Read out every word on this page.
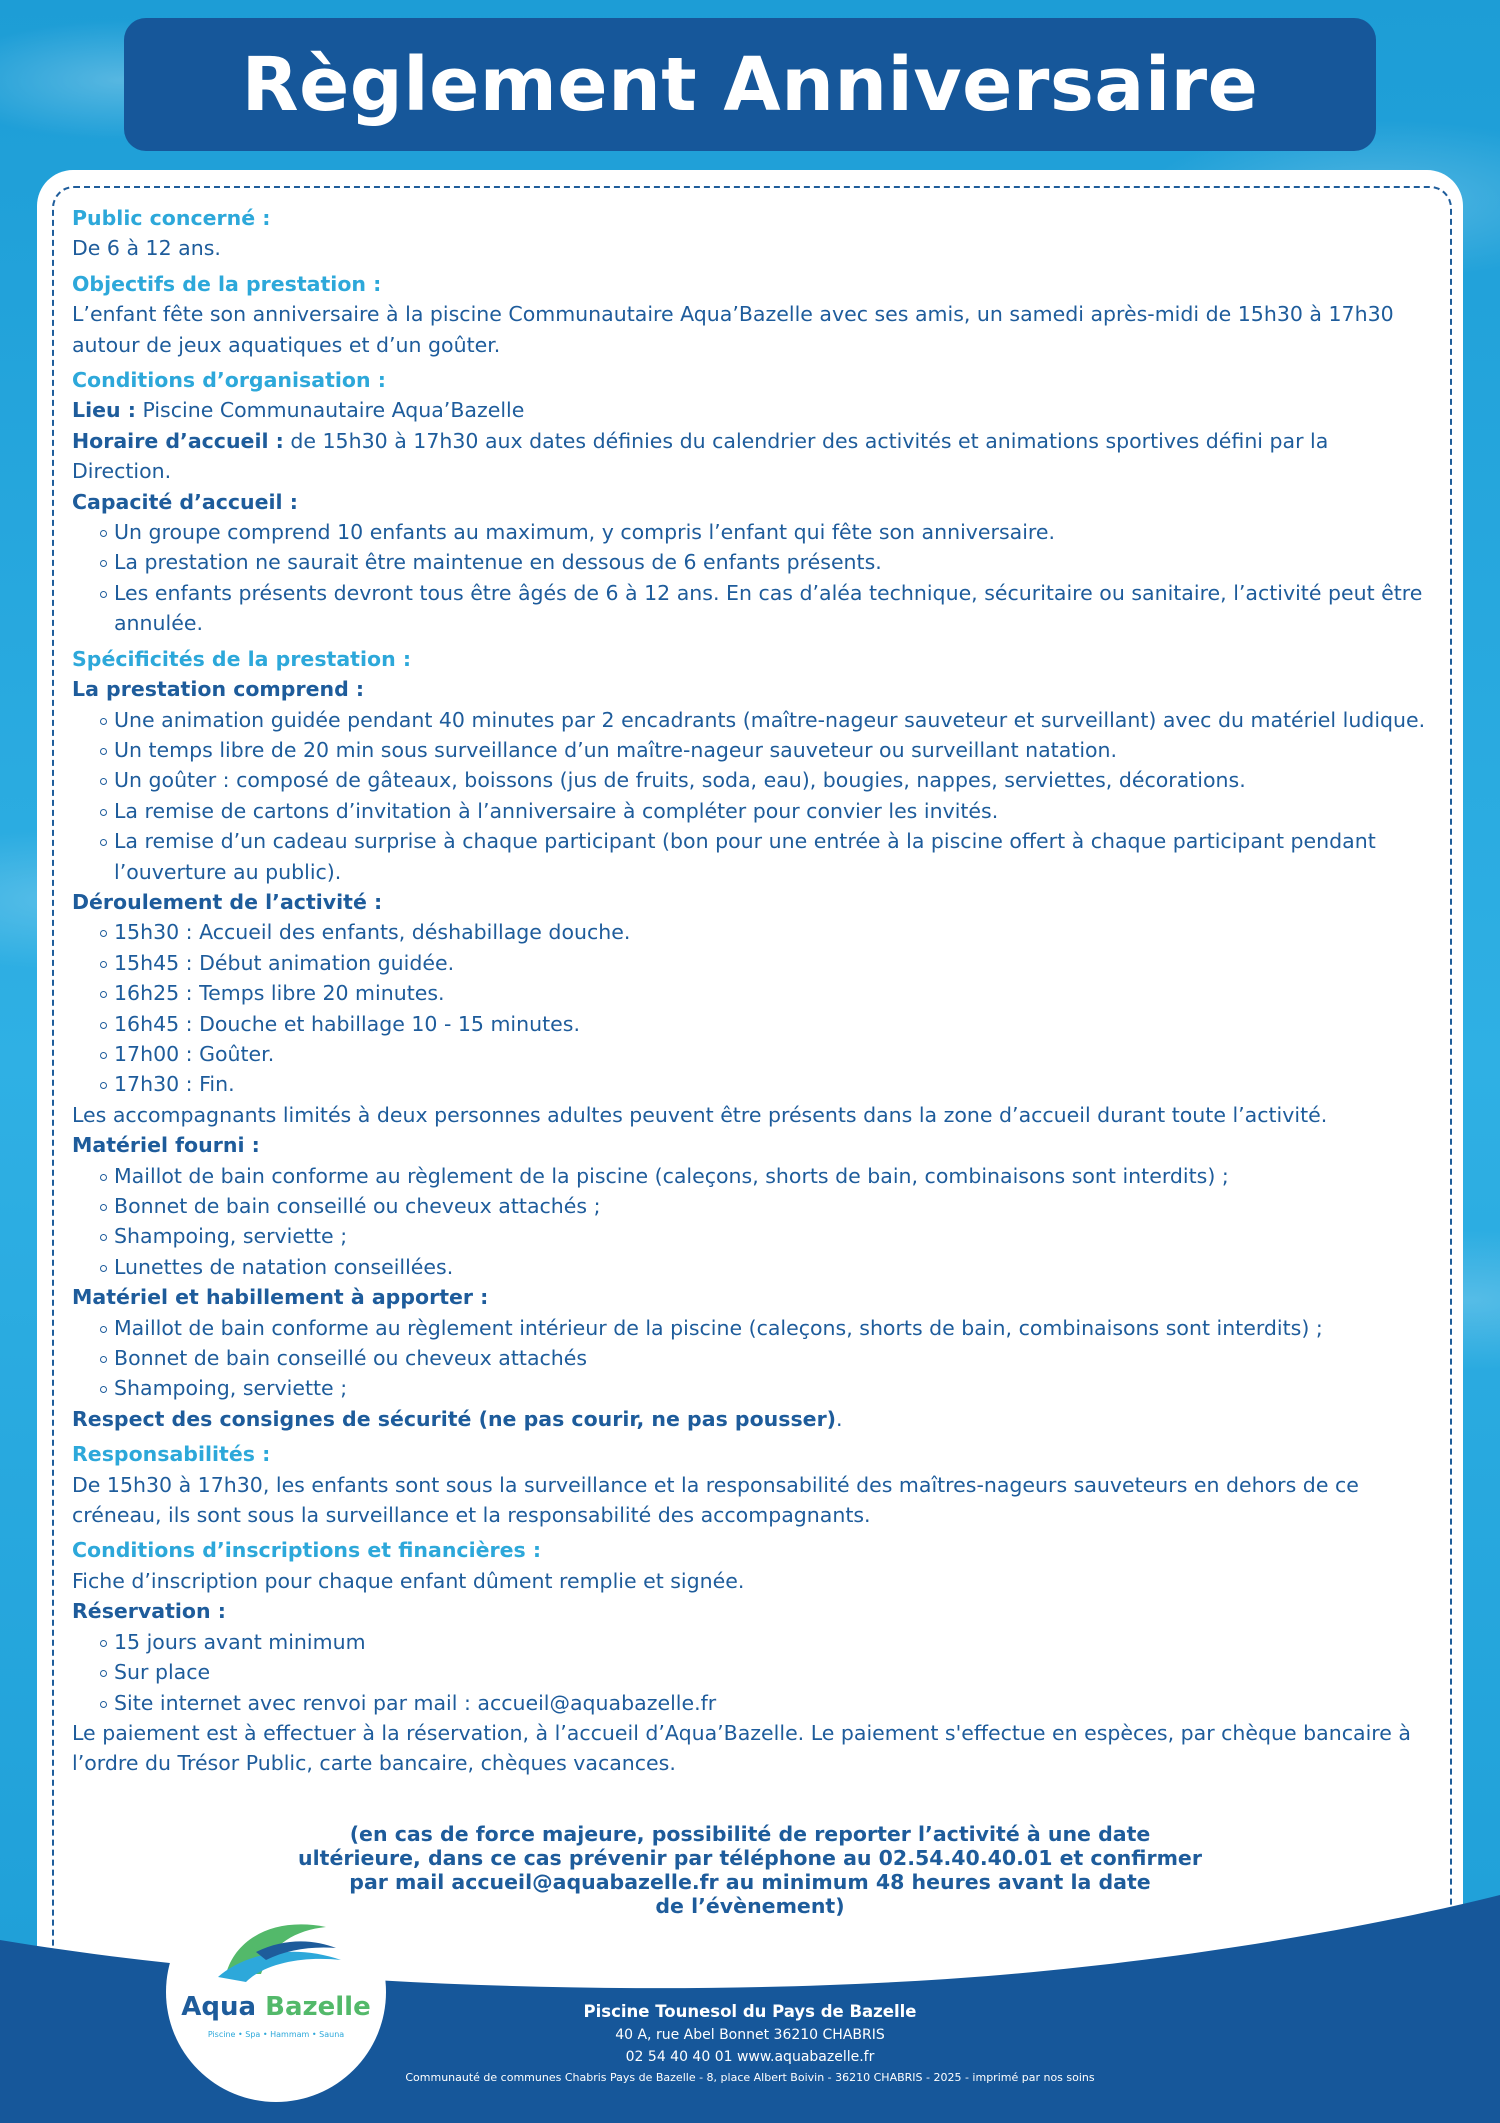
Règlement Anniversaire

Public concerné :

De 6 à 12 ans.

Objectifs de la prestation :

L’enfant fête son anniversaire à la piscine Communautaire Aqua’Bazelle avec ses amis, un samedi après-midi de 15h30 à 17h30 autour de jeux aquatiques et d’un goûter.

Conditions d’organisation :

Lieu : Piscine Communautaire Aqua’Bazelle

Horaire d’accueil : de 15h30 à 17h30 aux dates définies du calendrier des activités et animations sportives défini par la Direction.

Capacité d’accueil :

Un groupe comprend 10 enfants au maximum, y compris l’enfant qui fête son anniversaire.
La prestation ne saurait être maintenue en dessous de 6 enfants présents.
Les enfants présents devront tous être âgés de 6 à 12 ans. En cas d’aléa technique, sécuritaire ou sanitaire, l’activité peut être annulée.

Spécificités de la prestation :

La prestation comprend :

Une animation guidée pendant 40 minutes par 2 encadrants (maître-nageur sauveteur et surveillant) avec du matériel ludique.
Un temps libre de 20 min sous surveillance d’un maître-nageur sauveteur ou surveillant natation.
Un goûter : composé de gâteaux, boissons (jus de fruits, soda, eau), bougies, nappes, serviettes, décorations.
La remise de cartons d’invitation à l’anniversaire à compléter pour convier les invités.
La remise d’un cadeau surprise à chaque participant (bon pour une entrée à la piscine offert à chaque participant pendant l’ouverture au public).

Déroulement de l’activité :

15h30 : Accueil des enfants, déshabillage douche.
15h45 : Début animation guidée.
16h25 : Temps libre 20 minutes.
16h45 : Douche et habillage 10 - 15 minutes.
17h00 : Goûter.
17h30 : Fin.

Les accompagnants limités à deux personnes adultes peuvent être présents dans la zone d’accueil durant toute l’activité.

Matériel fourni :

Maillot de bain conforme au règlement de la piscine (caleçons, shorts de bain, combinaisons sont interdits) ;
Bonnet de bain conseillé ou cheveux attachés ;
Shampoing, serviette ;
Lunettes de natation conseillées.

Matériel et habillement à apporter :

Maillot de bain conforme au règlement intérieur de la piscine (caleçons, shorts de bain, combinaisons sont interdits) ;
Bonnet de bain conseillé ou cheveux attachés
Shampoing, serviette ;

Respect des consignes de sécurité (ne pas courir, ne pas pousser).

Responsabilités :

De 15h30 à 17h30, les enfants sont sous la surveillance et la responsabilité des maîtres-nageurs sauveteurs en dehors de ce créneau, ils sont sous la surveillance et la responsabilité des accompagnants.

Conditions d’inscriptions et financières :

Fiche d’inscription pour chaque enfant dûment remplie et signée.

Réservation :

15 jours avant minimum
Sur place
Site internet avec renvoi par mail : accueil@aquabazelle.fr

Le paiement est à effectuer à la réservation, à l’accueil d’Aqua’Bazelle. Le paiement s'effectue en espèces, par chèque bancaire à l’ordre du Trésor Public, carte bancaire, chèques vacances.

(en cas de force majeure, possibilité de reporter l’activité à une date
ultérieure, dans ce cas prévenir par téléphone au 02.54.40.40.01 et confirmer
par mail accueil@aquabazelle.fr au minimum 48 heures avant la date
de l’évènement)
Aqua Bazelle
Piscine • Spa • Hammam • Sauna
Piscine Tounesol du Pays de Bazelle
40 A, rue Abel Bonnet 36210 CHABRIS
02 54 40 40 01 www.aquabazelle.fr
Communauté de communes Chabris Pays de Bazelle - 8, place Albert Boivin - 36210 CHABRIS - 2025 - imprimé par nos soins
